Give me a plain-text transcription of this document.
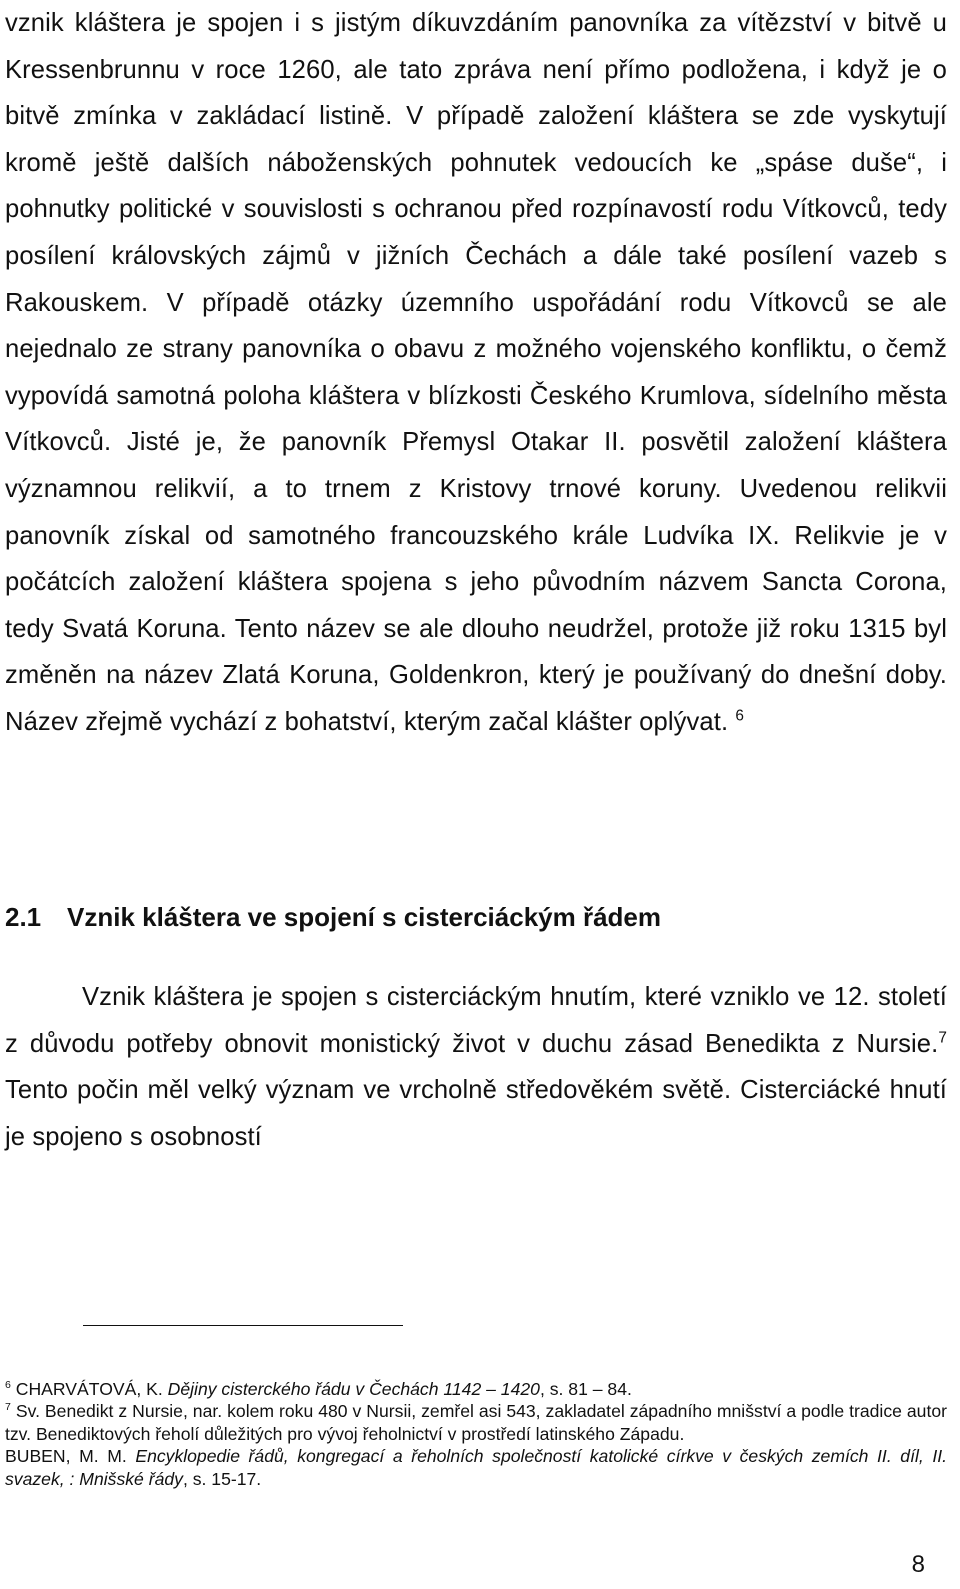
vznik kláštera je spojen i s jistým díkuvzdáním panovníka za vítězství v bitvě u Kressenbrunnu v roce 1260, ale tato zpráva není přímo podložena, i když je o bitvě zmínka v zakládací listině. V případě založení kláštera se zde vyskytují kromě ještě dalších náboženských pohnutek vedoucích ke „spáse duše“, i pohnutky politické v souvislosti s ochranou před rozpínavostí rodu Vítkovců, tedy posílení královských zájmů v jižních Čechách a dále také posílení vazeb s Rakouskem. V případě otázky územního uspořádání rodu Vítkovců se ale nejednalo ze strany panovníka o obavu z možného vojenského konfliktu, o čemž vypovídá samotná poloha kláštera v blízkosti Českého Krumlova, sídelního města Vítkovců. Jisté je, že panovník Přemysl Otakar II. posvětil založení kláštera významnou relikvií, a to trnem z Kristovy trnové koruny. Uvedenou relikvii panovník získal od samotného francouzského krále Ludvíka IX. Relikvie je v počátcích založení kláštera spojena s jeho původním názvem Sancta Corona, tedy Svatá Koruna. Tento název se ale dlouho neudržel, protože již roku 1315 byl změněn na název Zlatá Koruna, Goldenkron, který je používaný do dnešní doby. Název zřejmě vychází z bohatství, kterým začal klášter oplývat. $^6$

2.1 Vznik kláštera ve spojení s cisterciáckým řádem

Vznik kláštera je spojen s cisterciáckým hnutím, které vzniklo ve 12. století z důvodu potřeby obnovit monistický život v duchu zásad Benedikta z Nursie.$^7$ Tento počin měl velký význam ve vrcholně středověkém světě. Cisterciácké hnutí je spojeno s osobností

$^6$ CHARVÁTOVÁ, K. Dějiny cisterckého řádu v Čechách 1142 – 1420, s. 81 – 84.

$^7$ Sv. Benedikt z Nursie, nar. kolem roku 480 v Nursii, zemřel asi 543, zakladatel západního mnišství a podle tradice autor tzv. Benediktových řeholí důležitých pro vývoj řeholnictví v prostředí latinského Západu.

BUBEN, M. M. Encyklopedie řádů, kongregací a řeholních společností katolické církve v českých zemích II. díl, II. svazek, : Mnišské řády, s. 15-17.

8
